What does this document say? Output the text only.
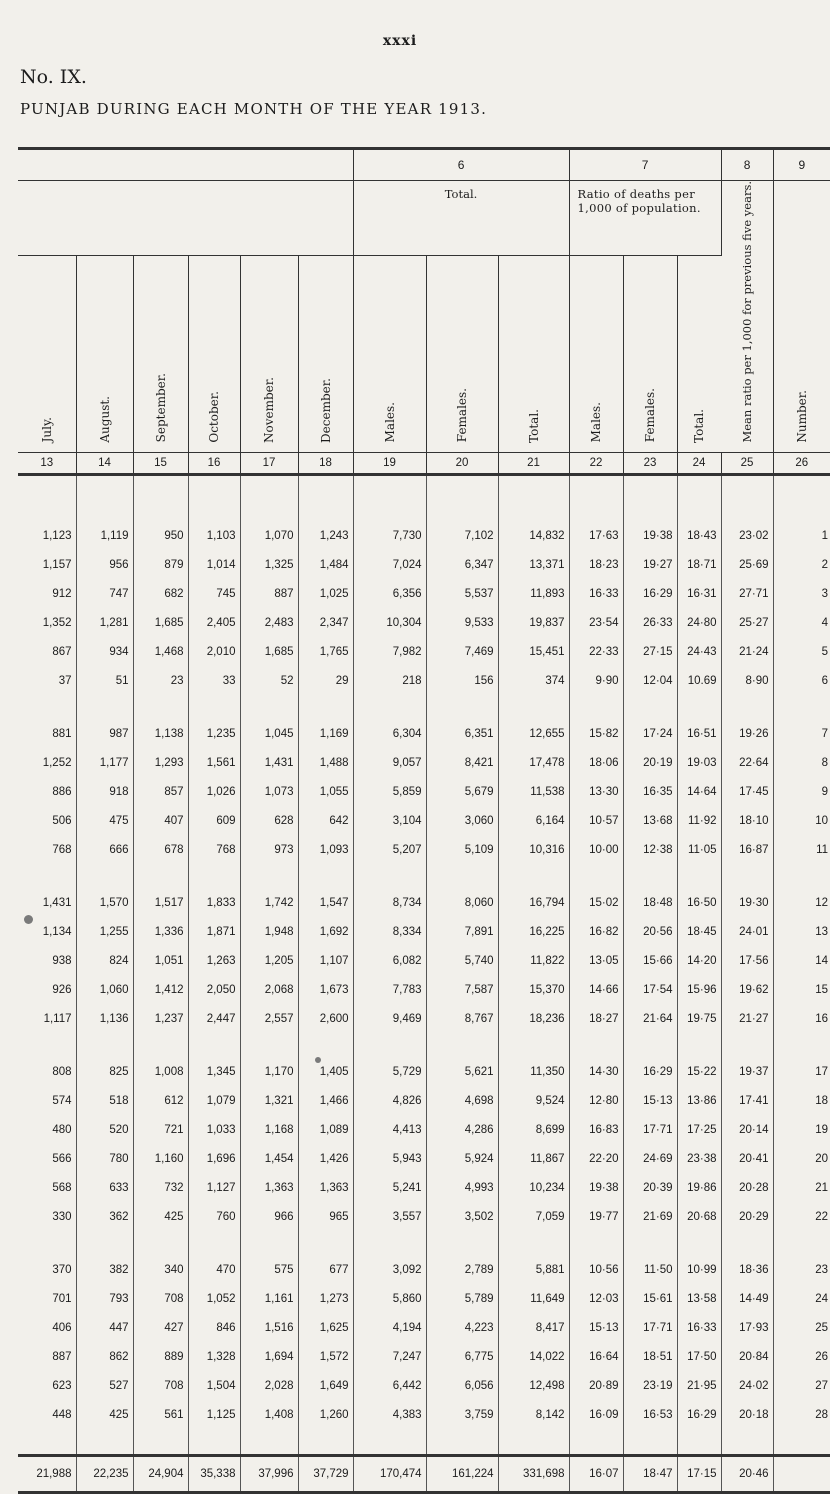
xxxi
No. IX.
PUNJAB DURING EACH MONTH OF THE YEAR 1913.
						6			7			8	9
						Total.			Ratio of deaths per 1,000 of population.			Mean ratio per 1,000 for previous five years.	Number.
July.	August.	September.	October.	November.	December.	Males.	Females.	Total.	Males.	Females.	Total.		
13	14	15	16	17	18	19	20	21	22	23	24	25	26

1,123	1,119	950	1,103	1,070	1,243	7,730	7,102	14,832	17·63	19·38	18·43	23·02	1
1,157	956	879	1,014	1,325	1,484	7,024	6,347	13,371	18·23	19·27	18·71	25·69	2
912	747	682	745	887	1,025	6,356	5,537	11,893	16·33	16·29	16·31	27·71	3
1,352	1,281	1,685	2,405	2,483	2,347	10,304	9,533	19,837	23·54	26·33	24·80	25·27	4
867	934	1,468	2,010	1,685	1,765	7,982	7,469	15,451	22·33	27·15	24·43	21·24	5
37	51	23	33	52	29	218	156	374	9·90	12·04	10.69	8·90	6

881	987	1,138	1,235	1,045	1,169	6,304	6,351	12,655	15·82	17·24	16·51	19·26	7
1,252	1,177	1,293	1,561	1,431	1,488	9,057	8,421	17,478	18·06	20·19	19·03	22·64	8
886	918	857	1,026	1,073	1,055	5,859	5,679	11,538	13·30	16·35	14·64	17·45	9
506	475	407	609	628	642	3,104	3,060	6,164	10·57	13·68	11·92	18·10	10
768	666	678	768	973	1,093	5,207	5,109	10,316	10·00	12·38	11·05	16·87	11

1,431	1,570	1,517	1,833	1,742	1,547	8,734	8,060	16,794	15·02	18·48	16·50	19·30	12
1,134	1,255	1,336	1,871	1,948	1,692	8,334	7,891	16,225	16·82	20·56	18·45	24·01	13
938	824	1,051	1,263	1,205	1,107	6,082	5,740	11,822	13·05	15·66	14·20	17·56	14
926	1,060	1,412	2,050	2,068	1,673	7,783	7,587	15,370	14·66	17·54	15·96	19·62	15
1,117	1,136	1,237	2,447	2,557	2,600	9,469	8,767	18,236	18·27	21·64	19·75	21·27	16

808	825	1,008	1,345	1,170	1,405	5,729	5,621	11,350	14·30	16·29	15·22	19·37	17
574	518	612	1,079	1,321	1,466	4,826	4,698	9,524	12·80	15·13	13·86	17·41	18
480	520	721	1,033	1,168	1,089	4,413	4,286	8,699	16·83	17·71	17·25	20·14	19
566	780	1,160	1,696	1,454	1,426	5,943	5,924	11,867	22·20	24·69	23·38	20·41	20
568	633	732	1,127	1,363	1,363	5,241	4,993	10,234	19·38	20·39	19·86	20·28	21
330	362	425	760	966	965	3,557	3,502	7,059	19·77	21·69	20·68	20·29	22

370	382	340	470	575	677	3,092	2,789	5,881	10·56	11·50	10·99	18·36	23
701	793	708	1,052	1,161	1,273	5,860	5,789	11,649	12·03	15·61	13·58	14·49	24
406	447	427	846	1,516	1,625	4,194	4,223	8,417	15·13	17·71	16·33	17·93	25
887	862	889	1,328	1,694	1,572	7,247	6,775	14,022	16·64	18·51	17·50	20·84	26
623	527	708	1,504	2,028	1,649	6,442	6,056	12,498	20·89	23·19	21·95	24·02	27
448	425	561	1,125	1,408	1,260	4,383	3,759	8,142	16·09	16·53	16·29	20·18	28

21,988	22,235	24,904	35,338	37,996	37,729	170,474	161,224	331,698	16·07	18·47	17·15	20·46	
